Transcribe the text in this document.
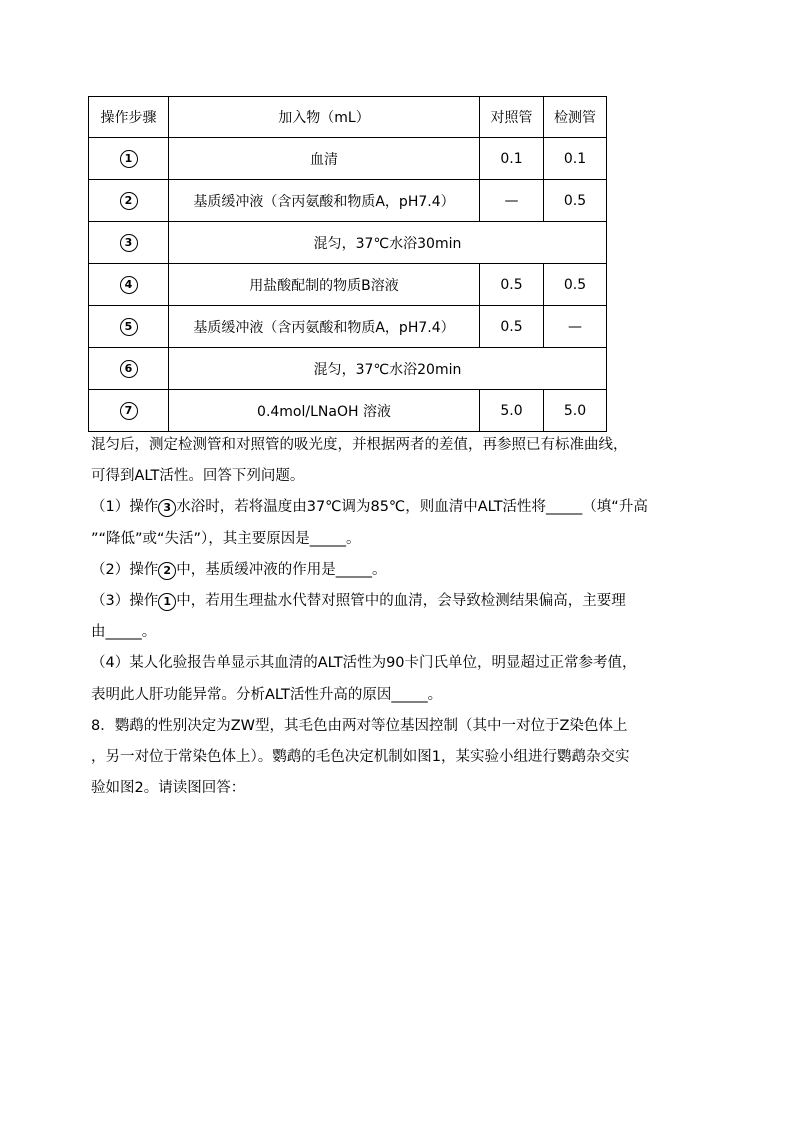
操作步骤	加入物（mL）	对照管	检测管
1	血清	0.1	0.1
2	基质缓冲液（含丙氨酸和物质A，pH7.4）	—	0.5
3	混匀，37℃水浴30min		
4	用盐酸配制的物质B溶液	0.5	0.5
5	基质缓冲液（含丙氨酸和物质A，pH7.4）	0.5	—
6	混匀，37℃水浴20min		
7	0.4mol/LNaOH 溶液	5.0	5.0

混匀后，测定检测管和对照管的吸光度，并根据两者的差值，再参照已有标准曲线，

可得到ALT活性。回答下列问题。

（1）操作 3 水浴时，若将温度由37℃调为85℃，则血清中ALT活性将_____（填“升高

”“降低”或“失活”），其主要原因是_____。

（2）操作 2 中，基质缓冲液的作用是_____。

（3）操作 1 中，若用生理盐水代替对照管中的血清，会导致检测结果偏高，主要理

由_____。

（4）某人化验报告单显示其血清的ALT活性为90卡门氏单位，明显超过正常参考值，

表明此人肝功能异常。分析ALT活性升高的原因_____。

8．鹦鹉的性别决定为ZW型，其毛色由两对等位基因控制（其中一对位于Z染色体上

，另一对位于常染色体上）。鹦鹉的毛色决定机制如图1，某实验小组进行鹦鹉杂交实

验如图2。请读图回答：
